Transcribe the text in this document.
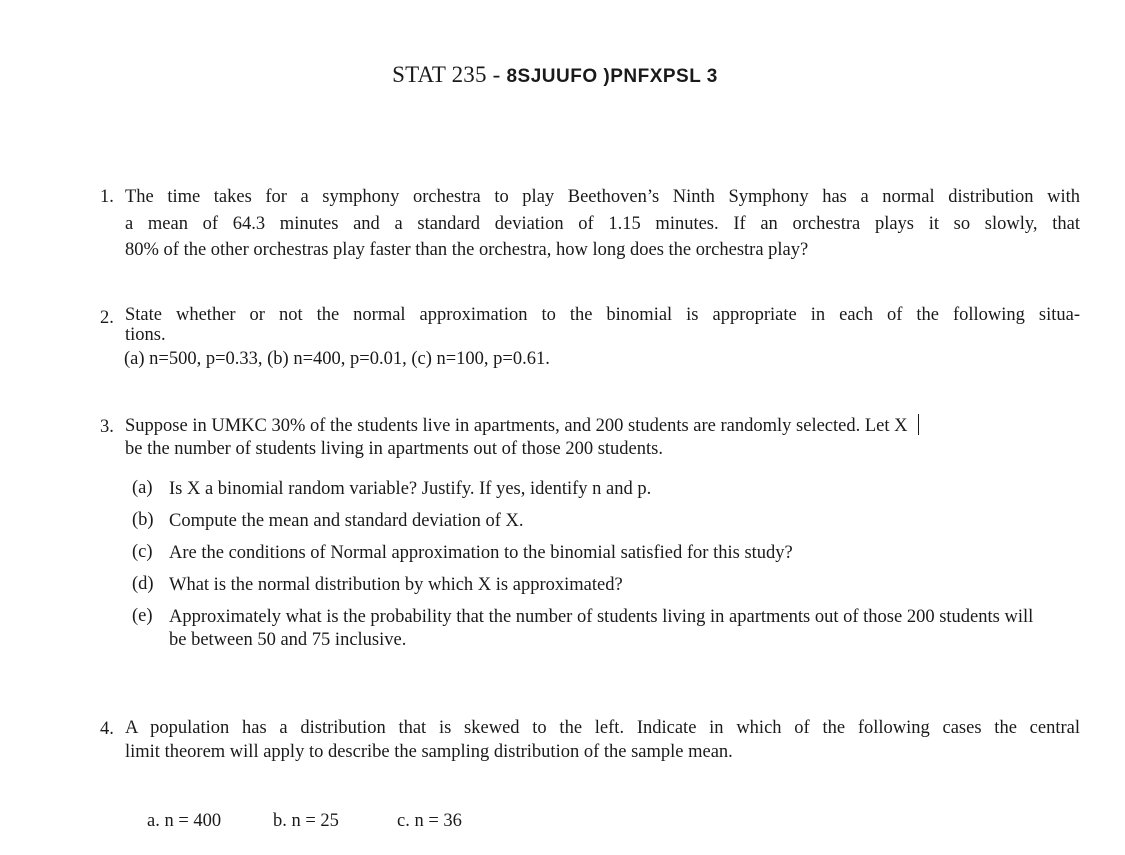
STAT 235 - 8SJUUFO )PNFXPSL 3
1. The time takes for a symphony orchestra to play Beethoven’s Ninth Symphony has a normal distribution with
a mean of 64.3 minutes and a standard deviation of 1.15 minutes. If an orchestra plays it so slowly, that
80% of the other orchestras play faster than the orchestra, how long does the orchestra play?
2. State whether or not the normal approximation to the binomial is appropriate in each of the following situa-
tions.
(a) n=500, p=0.33, (b) n=400, p=0.01, (c) n=100, p=0.61.
3. Suppose in UMKC 30% of the students live in apartments, and 200 students are randomly selected. Let X
be the number of students living in apartments out of those 200 students.
(a) Is X a binomial random variable? Justify. If yes, identify n and p.
(b) Compute the mean and standard deviation of X.
(c) Are the conditions of Normal approximation to the binomial satisfied for this study?
(d) What is the normal distribution by which X is approximated?
(e) Approximately what is the probability that the number of students living in apartments out of those 200 students will be between 50 and 75 inclusive.
4. A population has a distribution that is skewed to the left. Indicate in which of the following cases the central
limit theorem will apply to describe the sampling distribution of the sample mean.
a. n = 400	b. n = 25	c. n = 36
